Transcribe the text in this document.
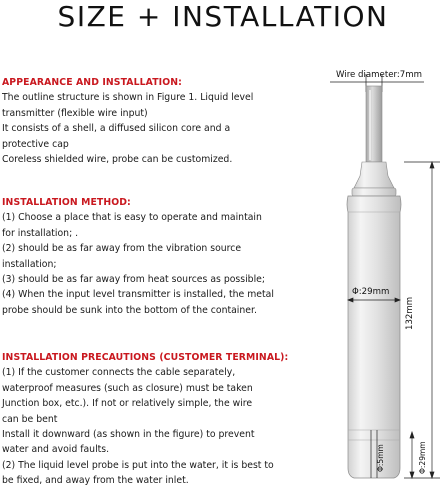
SIZE + INSTALLATION
APPEARANCE AND INSTALLATION:
The outline structure is shown in Figure 1. Liquid level
transmitter (flexible wire input)
It consists of a shell, a diffused silicon core and a
protective cap
Coreless shielded wire, probe can be customized.
INSTALLATION METHOD:
(1) Choose a place that is easy to operate and maintain
for installation; .
(2) should be as far away from the vibration source
installation;
(3) should be as far away from heat sources as possible;
(4) When the input level transmitter is installed, the metal
probe should be sunk into the bottom of the container.
INSTALLATION PRECAUTIONS (CUSTOMER TERMINAL):
(1) If the customer connects the cable separately,
waterproof measures (such as closure) must be taken
Junction box, etc.). If not or relatively simple, the wire
can be bent
Install it downward (as shown in the figure) to prevent
water and avoid faults.
(2) The liquid level probe is put into the water, it is best to
be fixed, and away from the water inlet.
Wire diameter:7mm
Φ:29mm
132mm
Φ:5mm	Φ:29mm
